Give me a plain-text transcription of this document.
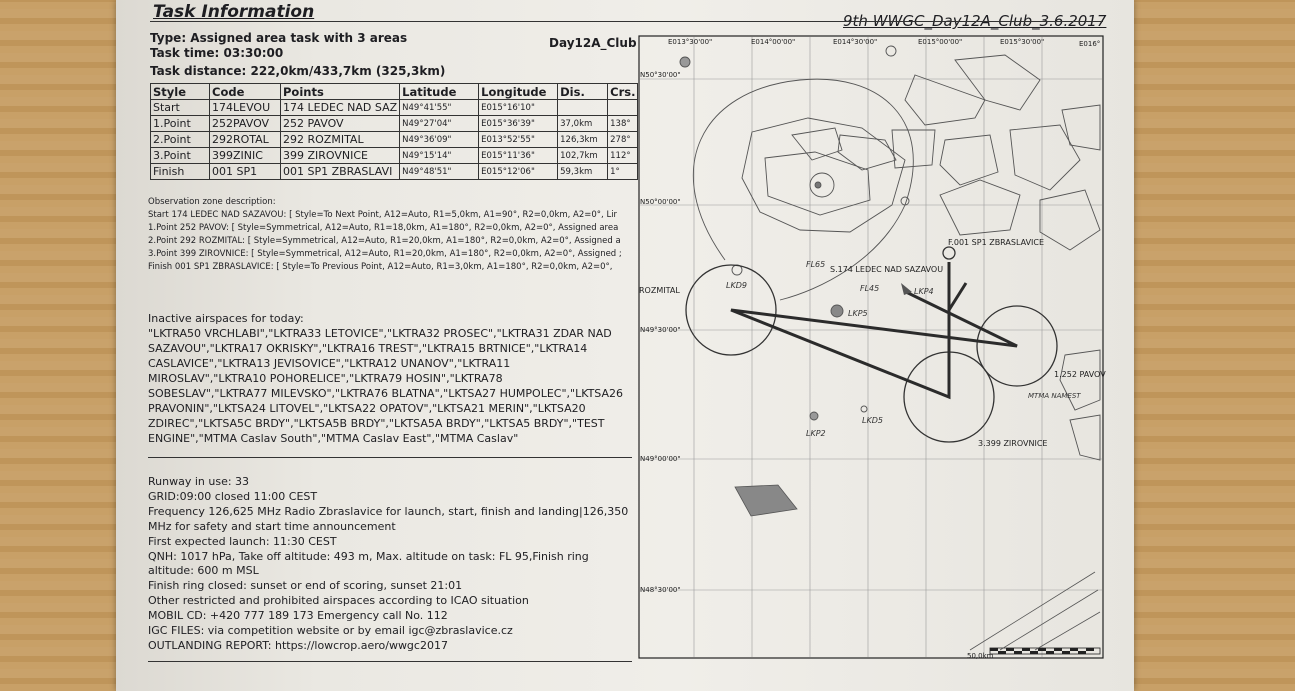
Task Information	9th WWGC_Day12A_Club_3.6.2017
Type: Assigned area task with 3 areas	Day12A_Club
Task time: 03:30:00
Task distance: 222,0km/433,7km (325,3km)
Style	Code	Points	Latitude	Longitude	Dis.	Crs.
Start	174LEVOU	174 LEDEC NAD SAZ	N49°41'55"	E015°16'10"		
1.Point	252PAVOV	252 PAVOV	N49°27'04"	E015°36'39"	37,0km	138°
2.Point	292ROTAL	292 ROZMITAL	N49°36'09"	E013°52'55"	126,3km	278°
3.Point	399ZINIC	399 ZIROVNICE	N49°15'14"	E015°11'36"	102,7km	112°
Finish	001 SP1	001 SP1 ZBRASLAVI	N49°48'51"	E015°12'06"	59,3km	1°
Observation zone description:
Start 174 LEDEC NAD SAZAVOU: [ Style=To Next Point, A12=Auto, R1=5,0km, A1=90°, R2=0,0km, A2=0°, Lir
1.Point 252 PAVOV: [ Style=Symmetrical, A12=Auto, R1=18,0km, A1=180°, R2=0,0km, A2=0°, Assigned area
2.Point 292 ROZMITAL: [ Style=Symmetrical, A12=Auto, R1=20,0km, A1=180°, R2=0,0km, A2=0°, Assigned a
3.Point 399 ZIROVNICE: [ Style=Symmetrical, A12=Auto, R1=20,0km, A1=180°, R2=0,0km, A2=0°, Assigned ;
Finish 001 SP1 ZBRASLAVICE: [ Style=To Previous Point, A12=Auto, R1=3,0km, A1=180°, R2=0,0km, A2=0°,
Inactive airspaces for today:
"LKTRA50 VRCHLABI","LKTRA33 LETOVICE","LKTRA32 PROSEC","LKTRA31 ZDAR NAD
SAZAVOU","LKTRA17 OKRISKY","LKTRA16 TREST","LKTRA15 BRTNICE","LKTRA14
CASLAVICE","LKTRA13 JEVISOVICE","LKTRA12 UNANOV","LKTRA11
MIROSLAV","LKTRA10 POHORELICE","LKTRA79 HOSIN","LKTRA78
SOBESLAV","LKTRA77 MILEVSKO","LKTRA76 BLATNA","LKTSA27 HUMPOLEC","LKTSA26
PRAVONIN","LKTSA24 LITOVEL","LKTSA22 OPATOV","LKTSA21 MERIN","LKTSA20
ZDIREC","LKTSA5C BRDY","LKTSA5B BRDY","LKTSA5A BRDY","LKTSA5 BRDY","TEST
ENGINE","MTMA Caslav South","MTMA Caslav East","MTMA Caslav"
Runway in use: 33
GRID:09:00 closed 11:00 CEST
Frequency 126,625 MHz Radio Zbraslavice for launch, start, finish and landing|126,350
MHz for safety and start time announcement
First expected launch: 11:30 CEST
QNH: 1017 hPa, Take off altitude: 493 m, Max. altitude on task: FL 95,Finish ring
altitude: 600 m MSL
Finish ring closed: sunset or end of scoring, sunset 21:01
Other restricted and prohibited airspaces according to ICAO situation
MOBIL CD: +420 777 189 173 Emergency call No. 112
IGC FILES: via competition website or by email igc@zbraslavice.cz
OUTLANDING REPORT: https://lowcrop.aero/wwgc2017
E013°30'00"	E014°00'00"	E014°30'00"	E015°00'00"	E015°30'00"	E016°
N50°30'00"
N50°00'00"
N49°30'00"
N49°00'00"
N48°30'00"
F.001 SP1 ZBRASLAVICE
S.174 LEDEC NAD SAZAVOU
ROZMITAL
1.252 PAVOV
3.399 ZIROVNICE
50,0km
LKD9
LKP5
FL65
FL45	LKP4
LKP2
LKD5
MTMA NAMEST
